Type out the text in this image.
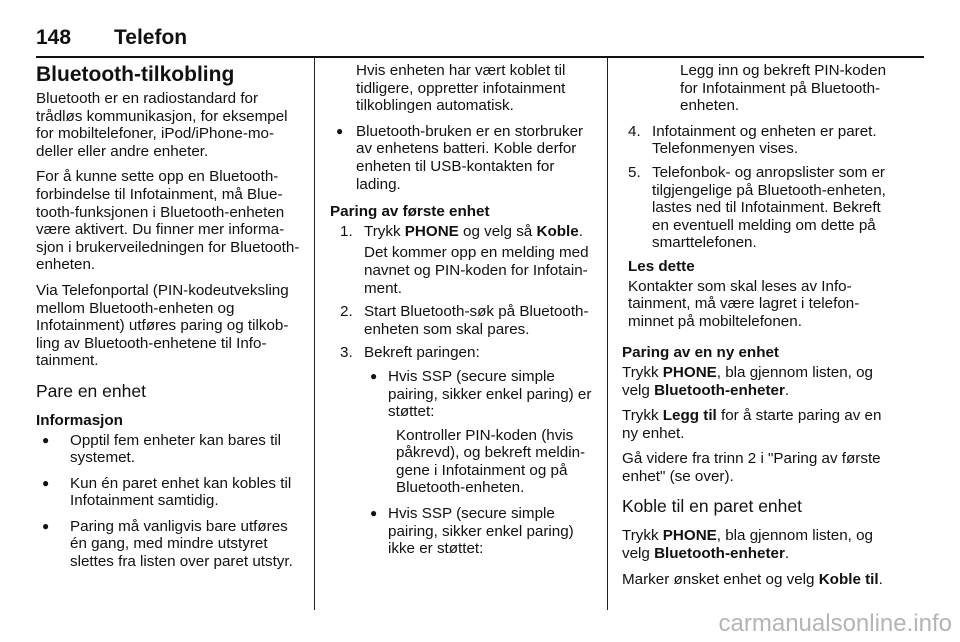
148 Telefon
Bluetooth-tilkobling

Bluetooth er en radiostandard for trådløs kommunikasjon, for eksempel for mobiltelefoner, iPod/iPhone-modeller eller andre enheter.

For å kunne sette opp en Bluetooth-forbindelse til Infotainment, må Bluetooth-funksjonen i Bluetooth-enheten være aktivert. Du finner mer informasjon i brukerveiledningen for Bluetooth-enheten.

Via Telefonportal (PIN-kodeutveksling mellom Bluetooth-enheten og Infotainment) utføres paring og tilkobling av Bluetooth-enhetene til Infotainment.

Pare en enhet
Informasjon
● Opptil fem enheter kan bares til systemet.
● Kun én paret enhet kan kobles til Infotainment samtidig.
● Paring må vanligvis bare utføres én gang, med mindre utstyret slettes fra listen over paret utstyr.

Hvis enheten har vært koblet til tidligere, oppretter infotainment tilkoblingen automatisk.

● Bluetooth-bruken er en storbruker av enhetens batteri. Koble derfor enheten til USB-kontakten for lading.
Paring av første enhet
1. Trykk PHONE og velg så Koble.
Det kommer opp en melding med navnet og PIN-koden for Infotainment.
2. Start Bluetooth-søk på Bluetooth-enheten som skal pares.
3. Bekreft paringen:
● Hvis SSP (secure simple pairing, sikker enkel paring) er støttet:
Kontroller PIN-koden (hvis påkrevd), og bekreft meldingene i Infotainment og på Bluetooth-enheten.
● Hvis SSP (secure simple pairing, sikker enkel paring) ikke er støttet:

Legg inn og bekreft PIN-koden for Infotainment på Bluetooth-enheten.

4. Infotainment og enheten er paret. Telefonmenyen vises.
5. Telefonbok- og anropslister som er tilgjengelige på Bluetooth-enheten, lastes ned til Infotainment. Bekreft en eventuell melding om dette på smarttelefonen.
Les dette
Kontakter som skal leses av Infotainment, må være lagret i telefonminnet på mobiltelefonen.
Paring av en ny enhet

Trykk PHONE, bla gjennom listen, og velg Bluetooth-enheter.

Trykk Legg til for å starte paring av en ny enhet.

Gå videre fra trinn 2 i "Paring av første enhet" (se over).

Koble til en paret enhet

Trykk PHONE, bla gjennom listen, og velg Bluetooth-enheter.

Marker ønsket enhet og velg Koble til.

carmanualsonline.info
